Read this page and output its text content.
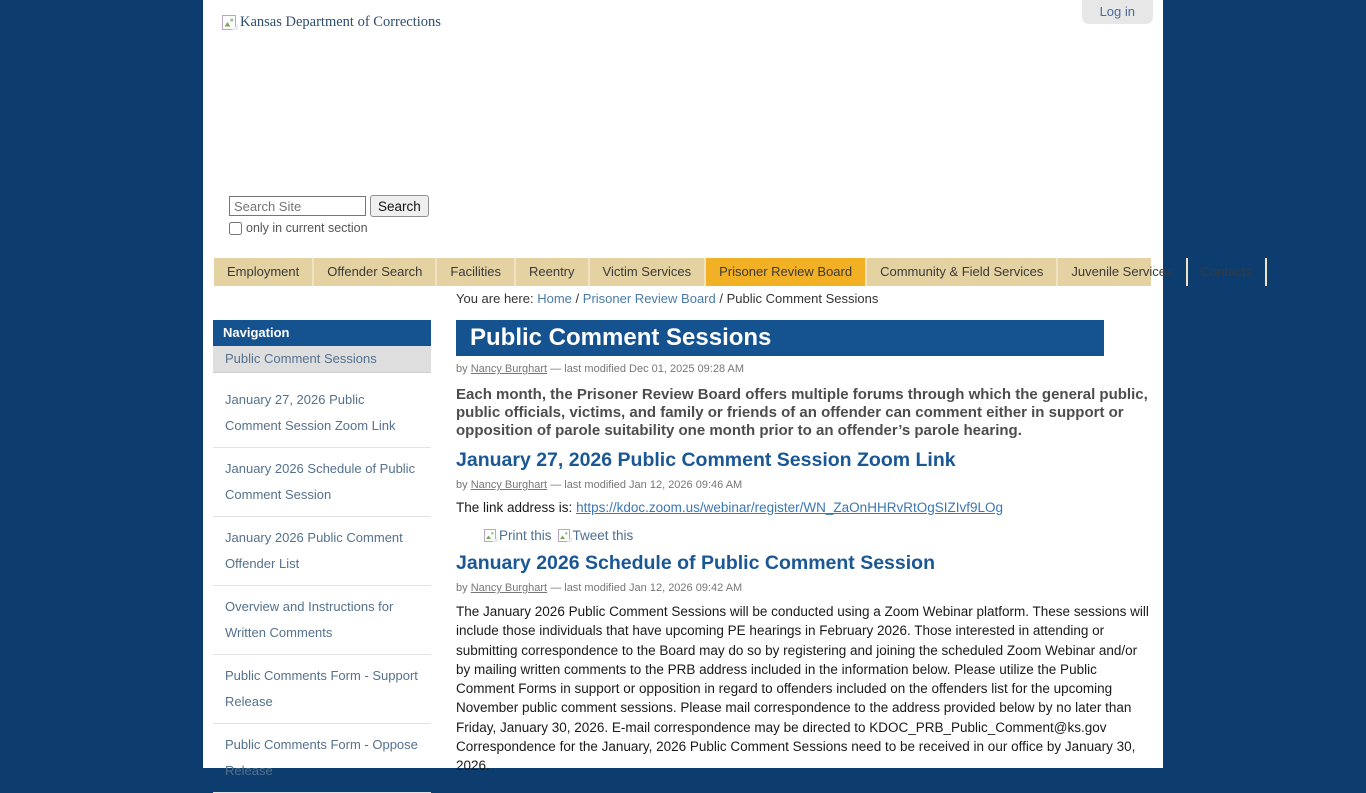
Log in
Kansas Department of Corrections
Search Site
Search
only in current section
Employment	Offender Search	Facilities	Reentry	Victim Services	Prisoner Review Board	Community & Field Services	Juvenile Services	Contacts
You are here: Home / Prisoner Review Board / Public Comment Sessions
Navigation
Public Comment Sessions
January 27, 2026 Public Comment Session Zoom Link
January 2026 Schedule of Public Comment Session
January 2026 Public Comment Offender List
Overview and Instructions for Written Comments
Public Comments Form - Support Release
Public Comments Form - Oppose Release
Public Comment Sessions
by Nancy Burghart — last modified Dec 01, 2025 09:28 AM

Each month, the Prisoner Review Board offers multiple forums through which the general public, public officials, victims, and family or friends of an offender can comment either in support or opposition of parole suitability one month prior to an offender’s parole hearing.

January 27, 2026 Public Comment Session Zoom Link
by Nancy Burghart — last modified Jan 12, 2026 09:46 AM
The link address is: https://kdoc.zoom.us/webinar/register/WN_ZaOnHHRvRtOgSIZIvf9LOg
Print this Tweet this
January 2026 Schedule of Public Comment Session
by Nancy Burghart — last modified Jan 12, 2026 09:42 AM

The January 2026 Public Comment Sessions will be conducted using a Zoom Webinar platform. These sessions will include those individuals that have upcoming PE hearings in February 2026. Those interested in attending or submitting correspondence to the Board may do so by registering and joining the scheduled Zoom Webinar and/or by mailing written comments to the PRB address included in the information below. Please utilize the Public Comment Forms in support or opposition in regard to offenders included on the offenders list for the upcoming November public comment sessions. Please mail correspondence to the address provided below by no later than Friday, January 30, 2026. E-mail correspondence may be directed to KDOC_PRB_Public_Comment@ks.gov Correspondence for the January, 2026 Public Comment Sessions need to be received in our office by January 30, 2026.
